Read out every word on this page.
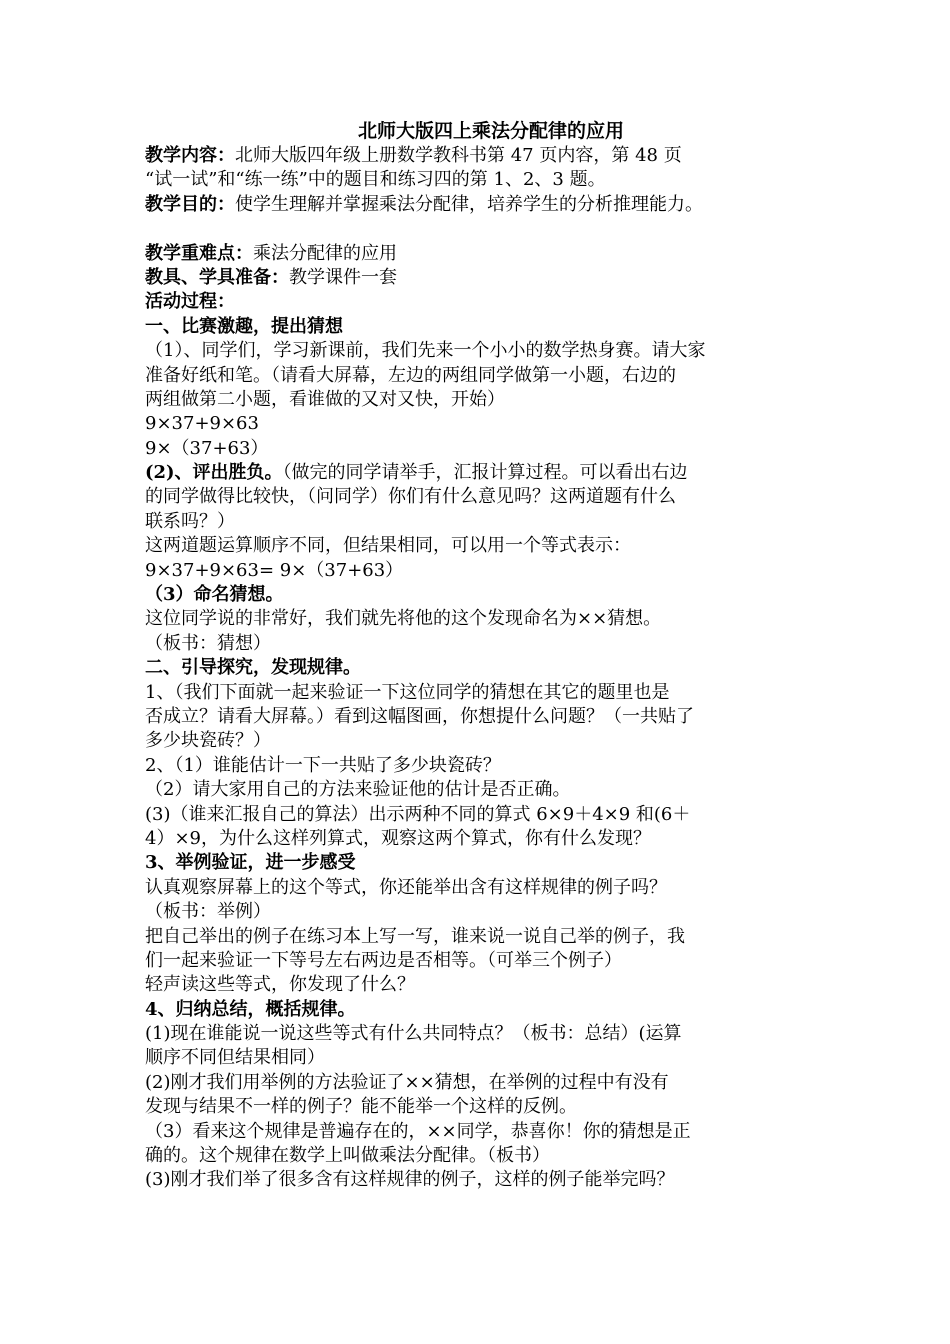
北师大版四上乘法分配律的应用

教学内容：北师大版四年级上册数学教科书第 47 页内容，第 48 页

“试一试”和“练一练”中的题目和练习四的第 1、2、3 题。

教学目的：使学生理解并掌握乘法分配律，培养学生的分析推理能力。

教学重难点：乘法分配律的应用

教具、学具准备：教学课件一套

活动过程：

一、比赛激趣，提出猜想

（1）、同学们，学习新课前，我们先来一个小小的数学热身赛。请大家

准备好纸和笔。（请看大屏幕，左边的两组同学做第一小题，右边的

两组做第二小题，看谁做的又对又快，开始）

9×37+9×63

9×（37+63）

(2)、评出胜负。（做完的同学请举手，汇报计算过程。可以看出右边

的同学做得比较快，（问同学）你们有什么意见吗？这两道题有什么

联系吗？）

这两道题运算顺序不同，但结果相同，可以用一个等式表示：

9×37+9×63= 9×（37+63）

（3）命名猜想。

这位同学说的非常好，我们就先将他的这个发现命名为××猜想。

（板书：猜想）

二、引导探究，发现规律。

1、（我们下面就一起来验证一下这位同学的猜想在其它的题里也是

否成立？请看大屏幕。）看到这幅图画，你想提什么问题？（一共贴了

多少块瓷砖？）

2、（1）谁能估计一下一共贴了多少块瓷砖？

（2）请大家用自己的方法来验证他的估计是否正确。

(3)（谁来汇报自己的算法）出示两种不同的算式 6×9＋4×9 和(6＋

4）×9，为什么这样列算式，观察这两个算式，你有什么发现？

3、举例验证，进一步感受

认真观察屏幕上的这个等式，你还能举出含有这样规律的例子吗？

（板书：举例）

把自己举出的例子在练习本上写一写，谁来说一说自己举的例子，我

们一起来验证一下等号左右两边是否相等。（可举三个例子）

轻声读这些等式，你发现了什么？

4、归纳总结，概括规律。

(1)现在谁能说一说这些等式有什么共同特点？（板书：总结）(运算

顺序不同但结果相同）

(2)刚才我们用举例的方法验证了××猜想，在举例的过程中有没有

发现与结果不一样的例子？能不能举一个这样的反例。

（3）看来这个规律是普遍存在的，××同学，恭喜你！你的猜想是正

确的。这个规律在数学上叫做乘法分配律。（板书）

(3)刚才我们举了很多含有这样规律的例子，这样的例子能举完吗？
